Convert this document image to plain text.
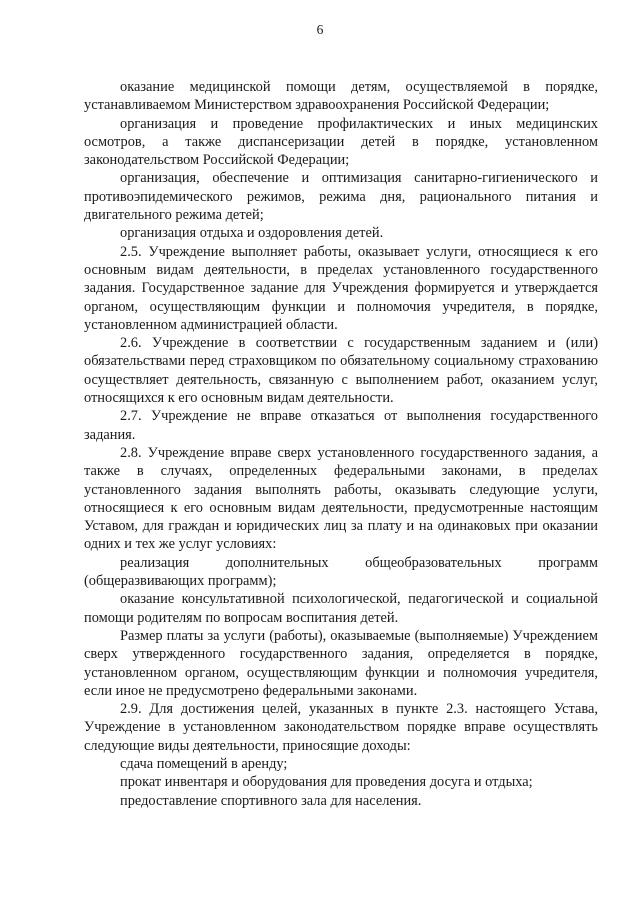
6

оказание медицинской помощи детям, осуществляемой в порядке, устанавливаемом Министерством здравоохранения Российской Федерации;

организация и проведение профилактических и иных медицинских осмотров, а также диспансеризации детей в порядке, установленном законодательством Российской Федерации;

организация, обеспечение и оптимизация санитарно-гигиенического и противоэпидемического режимов, режима дня, рационального питания и двигательного режима детей;

организация отдыха и оздоровления детей.

2.5. Учреждение выполняет работы, оказывает услуги, относящиеся к его основным видам деятельности, в пределах установленного государственного задания. Государственное задание для Учреждения формируется и утверждается органом, осуществляющим функции и полномочия учредителя, в порядке, установленном администрацией области.

2.6. Учреждение в соответствии с государственным заданием и (или) обязательствами перед страховщиком по обязательному социальному страхованию осуществляет деятельность, связанную с выполнением работ, оказанием услуг, относящихся к его основным видам деятельности.

2.7. Учреждение не вправе отказаться от выполнения государственного задания.

2.8. Учреждение вправе сверх установленного государственного задания, а также в случаях, определенных федеральными законами, в пределах установленного задания выполнять работы, оказывать следующие услуги, относящиеся к его основным видам деятельности, предусмотренные настоящим Уставом, для граждан и юридических лиц за плату и на одинаковых при оказании одних и тех же услуг условиях:

реализация дополнительных общеобразовательных программ (общеразвивающих программ);

оказание консультативной психологической, педагогической и социальной помощи родителям по вопросам воспитания детей.

Размер платы за услуги (работы), оказываемые (выполняемые) Учреждением сверх утвержденного государственного задания, определяется в порядке, установленном органом, осуществляющим функции и полномочия учредителя, если иное не предусмотрено федеральными законами.

2.9. Для достижения целей, указанных в пункте 2.3. настоящего Устава, Учреждение в установленном законодательством порядке вправе осуществлять следующие виды деятельности, приносящие доходы:

сдача помещений в аренду;

прокат инвентаря и оборудования для проведения досуга и отдыха;

предоставление спортивного зала для населения.
